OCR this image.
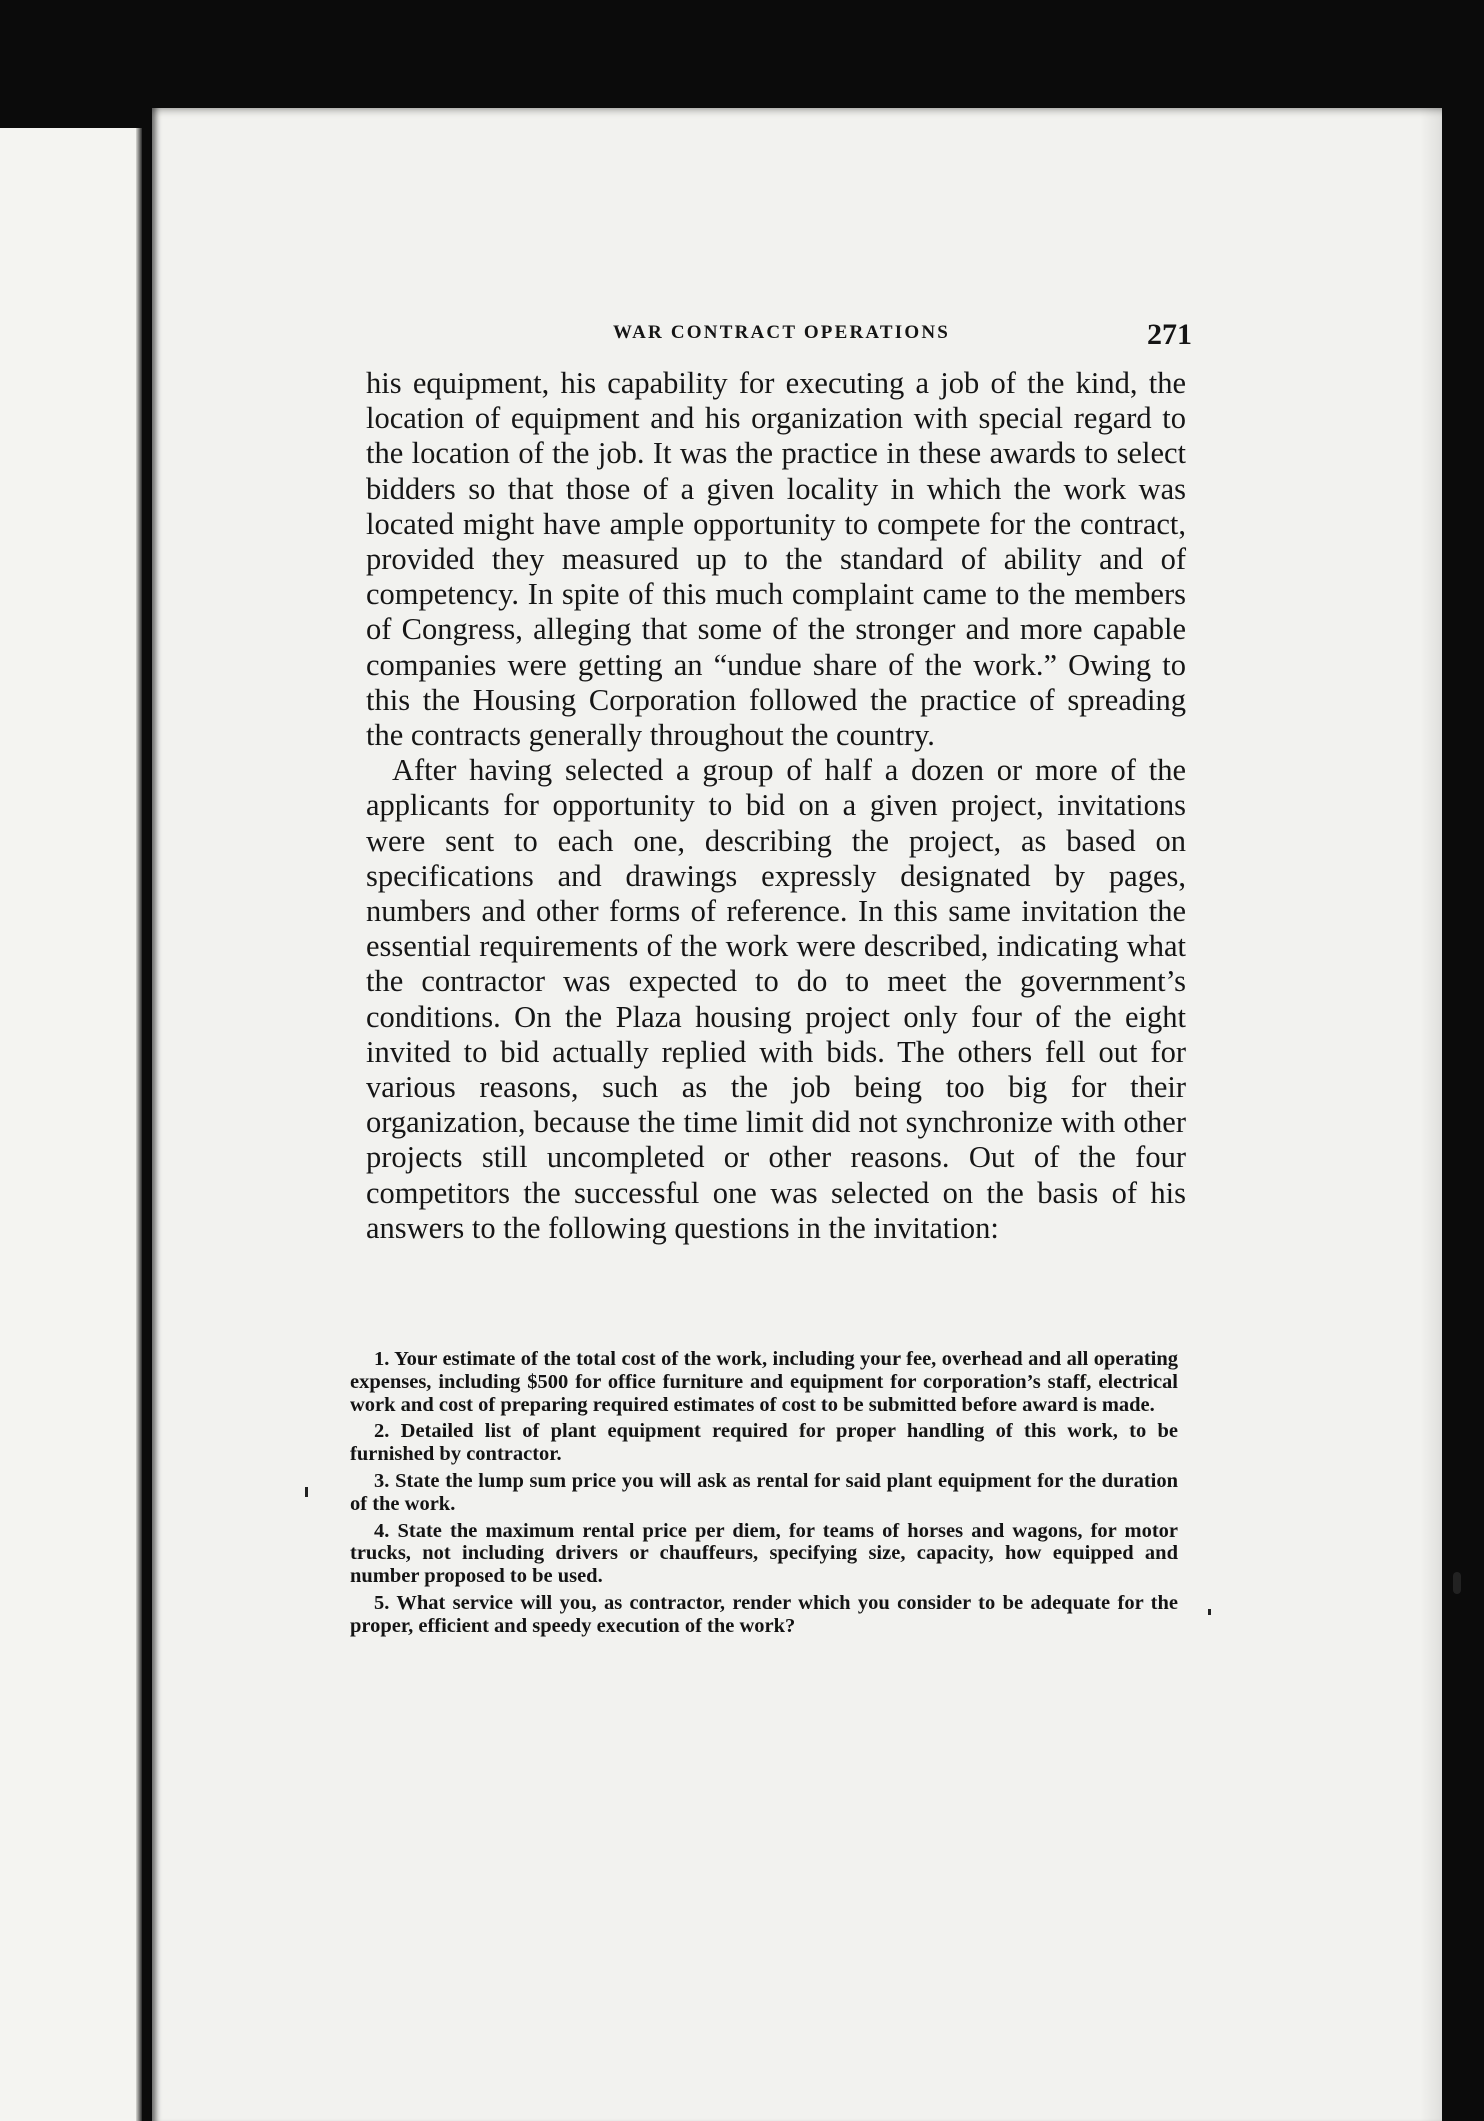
WAR CONTRACT OPERATIONS	271

his equipment, his capability for executing a job of the kind, the location of equipment and his organization with special regard to the location of the job. It was the practice in these awards to select bidders so that those of a given locality in which the work was located might have ample opportunity to compete for the contract, provided they measured up to the standard of ability and of competency. In spite of this much complaint came to the members of Congress, alleging that some of the stronger and more capable companies were getting an “undue share of the work.” Owing to this the Housing Corporation followed the practice of spreading the contracts generally throughout the country.

After having selected a group of half a dozen or more of the applicants for opportunity to bid on a given project, invitations were sent to each one, describing the project, as based on specifications and drawings expressly designated by pages, numbers and other forms of reference. In this same invitation the essential requirements of the work were described, indicating what the contractor was expected to do to meet the government’s conditions. On the Plaza housing project only four of the eight invited to bid actually replied with bids. The others fell out for various reasons, such as the job being too big for their organization, because the time limit did not synchronize with other projects still uncompleted or other reasons. Out of the four competitors the successful one was selected on the basis of his answers to the following questions in the invitation:

1. Your estimate of the total cost of the work, including your fee, overhead and all operating expenses, including $500 for office furniture and equipment for corporation’s staff, electrical work and cost of preparing required estimates of cost to be submitted before award is made.

2. Detailed list of plant equipment required for proper handling of this work, to be furnished by contractor.

3. State the lump sum price you will ask as rental for said plant equipment for the duration of the work.

4. State the maximum rental price per diem, for teams of horses and wagons, for motor trucks, not including drivers or chauffeurs, specifying size, capacity, how equipped and number proposed to be used.

5. What service will you, as contractor, render which you consider to be adequate for the proper, efficient and speedy execution of the work?
